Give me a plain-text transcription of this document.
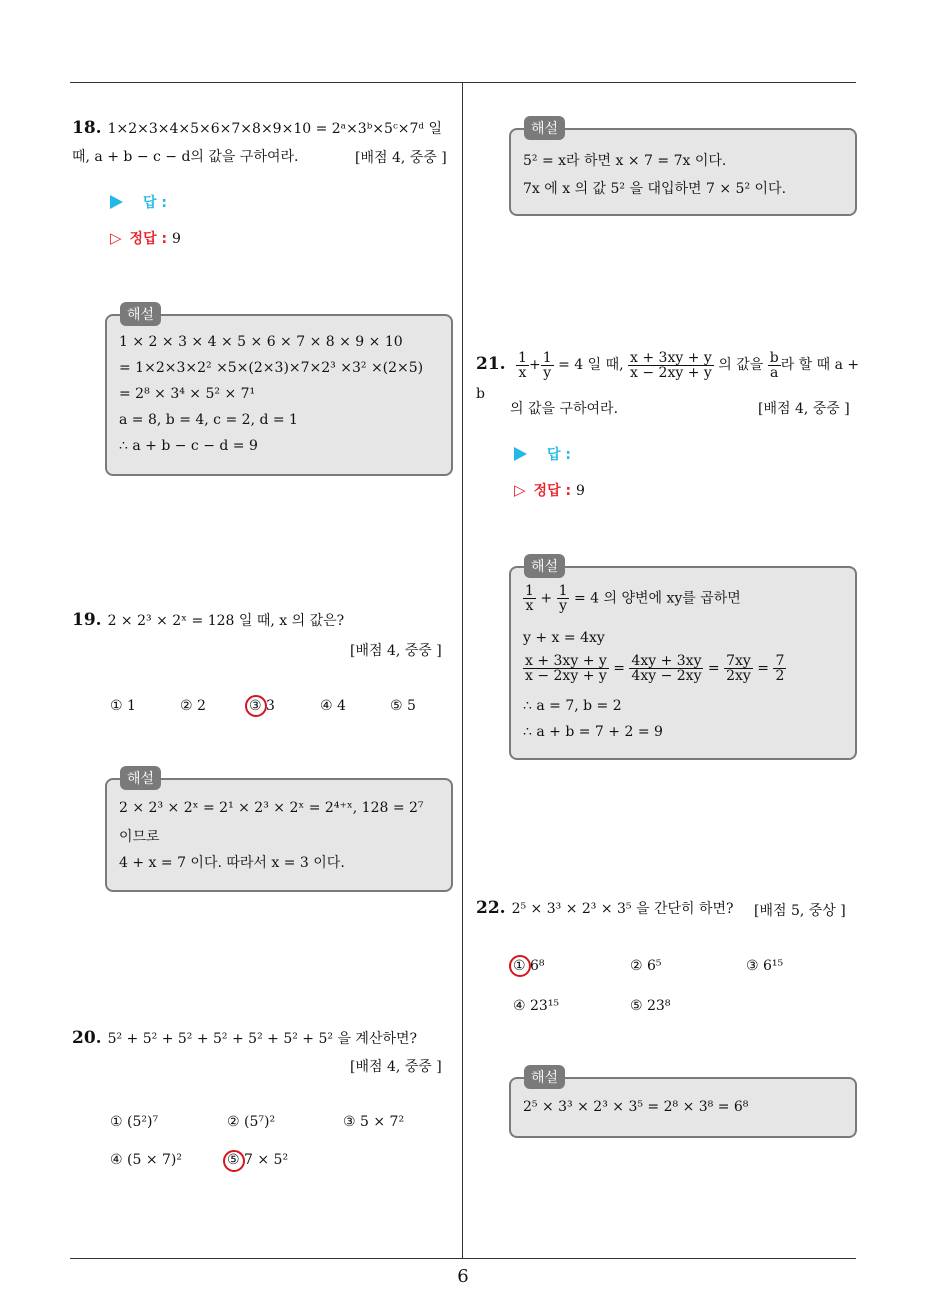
18. 1×2×3×4×5×6×7×8×9×10 = 2ᵃ×3ᵇ×5ᶜ×7ᵈ 일
때, a + b − c − d의 값을 구하여라.	[배점 4, 중중 ]
답 :
▷ 정답 : 9
1 × 2 × 3 × 4 × 5 × 6 × 7 × 8 × 9 × 10
= 1×2×3×2² ×5×(2×3)×7×2³ ×3² ×(2×5)
= 2⁸ × 3⁴ × 5² × 7¹
a = 8, b = 4, c = 2, d = 1
∴ a + b − c − d = 9
해설
19. 2 × 2³ × 2ˣ = 128 일 때, x 의 값은?
[배점 4, 중중 ]
① 1	② 2	③ 3	④ 4	⑤ 5
2 × 2³ × 2ˣ = 2¹ × 2³ × 2ˣ = 2⁴⁺ˣ, 128 = 2⁷
이므로
4 + x = 7 이다. 따라서 x = 3 이다.
해설
20. 5² + 5² + 5² + 5² + 5² + 5² + 5² 을 계산하면?
[배점 4, 중중 ]
① (5²)⁷	② (5⁷)²	③ 5 × 7²
④ (5 × 7)²	⑤ 7 × 5²
5² = x라 하면 x × 7 = 7x 이다.
7x 에 x 의 값 5² 을 대입하면 7 × 5² 이다.
해설
21. $\frac{1}{x} + \frac{1}{y} = 4$ 일 때, $\frac{x + 3xy + y}{x - 2xy + y}$ 의 값을 $\frac{b}{a}$ 라 할 때 a + b
의 값을 구하여라.	[배점 4, 중중 ]
답 :
▷ 정답 : 9
$\frac{1}{x} + \frac{1}{y} = 4$ 의 양변에 xy를 곱하면
y + x = 4xy
$\frac{x + 3xy + y}{x - 2xy + y} = \frac{4xy + 3xy}{4xy - 2xy} = \frac{7xy}{2xy} = \frac{7}{2}$
∴ a = 7, b = 2
∴ a + b = 7 + 2 = 9
해설
22. 2⁵ × 3³ × 2³ × 3⁵ 을 간단히 하면? [배점 5, 중상 ]
① 6⁸	② 6⁵	③ 6¹⁵
④ 23¹⁵	⑤ 23⁸
2⁵ × 3³ × 2³ × 3⁵ = 2⁸ × 3⁸ = 6⁸
해설
6
